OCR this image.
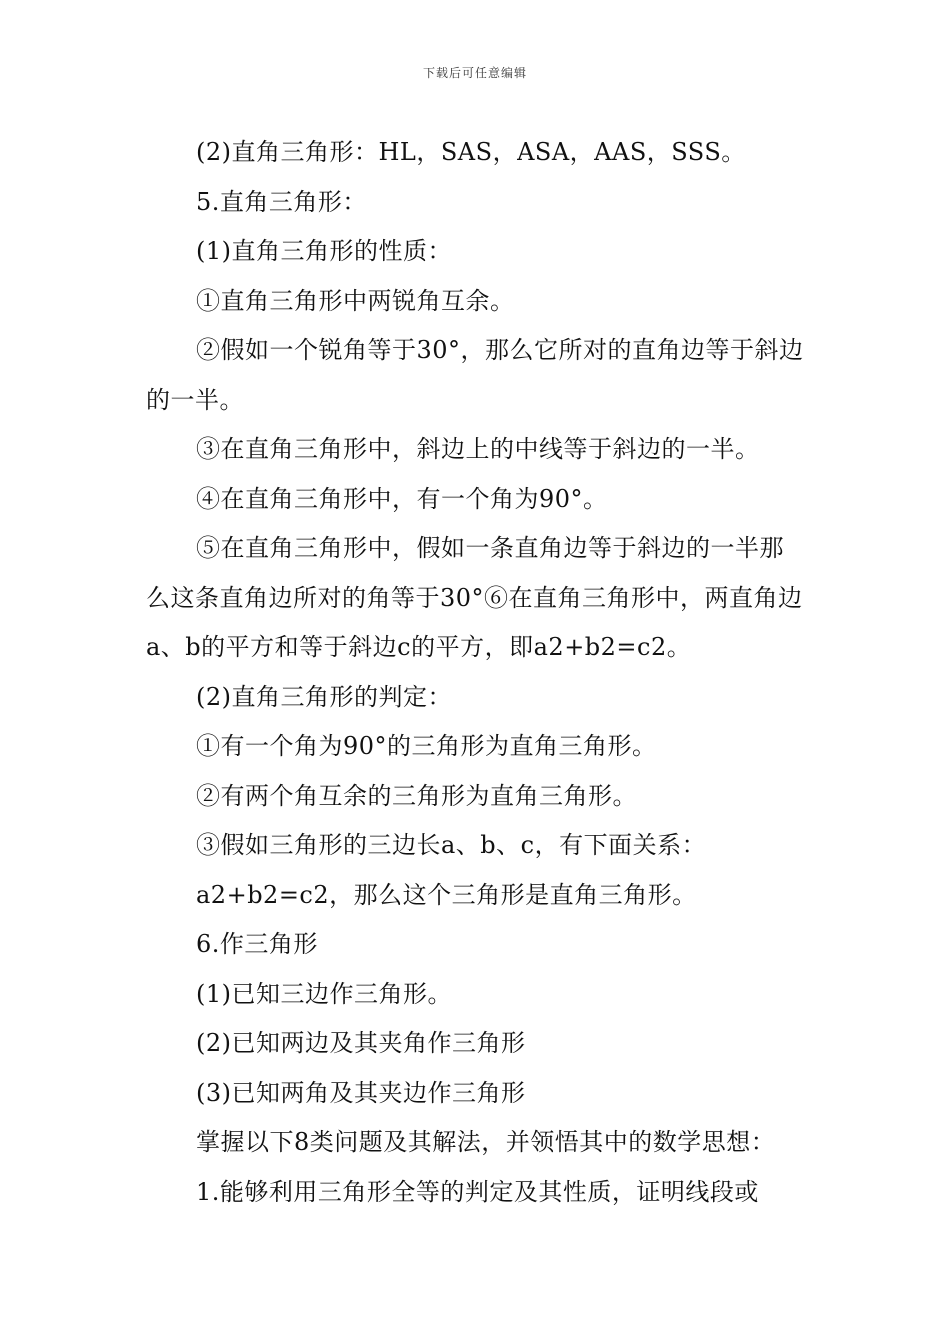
下载后可任意编辑

(2)直角三角形：HL，SAS，ASA，AAS，SSS。

5.直角三角形：

(1)直角三角形的性质：

①直角三角形中两锐角互余。

②假如一个锐角等于30°，那么它所对的直角边等于斜边的一半。

③在直角三角形中，斜边上的中线等于斜边的一半。

④在直角三角形中，有一个角为90°。

⑤在直角三角形中，假如一条直角边等于斜边的一半那么这条直角边所对的角等于30°⑥在直角三角形中，两直角边a、b的平方和等于斜边c的平方，即a2+b2=c2。

(2)直角三角形的判定：

①有一个角为90°的三角形为直角三角形。

②有两个角互余的三角形为直角三角形。

③假如三角形的三边长a、b、c，有下面关系：

a2+b2=c2，那么这个三角形是直角三角形。

6.作三角形

(1)已知三边作三角形。

(2)已知两边及其夹角作三角形

(3)已知两角及其夹边作三角形

掌握以下8类问题及其解法，并领悟其中的数学思想：

1.能够利用三角形全等的判定及其性质，证明线段或
